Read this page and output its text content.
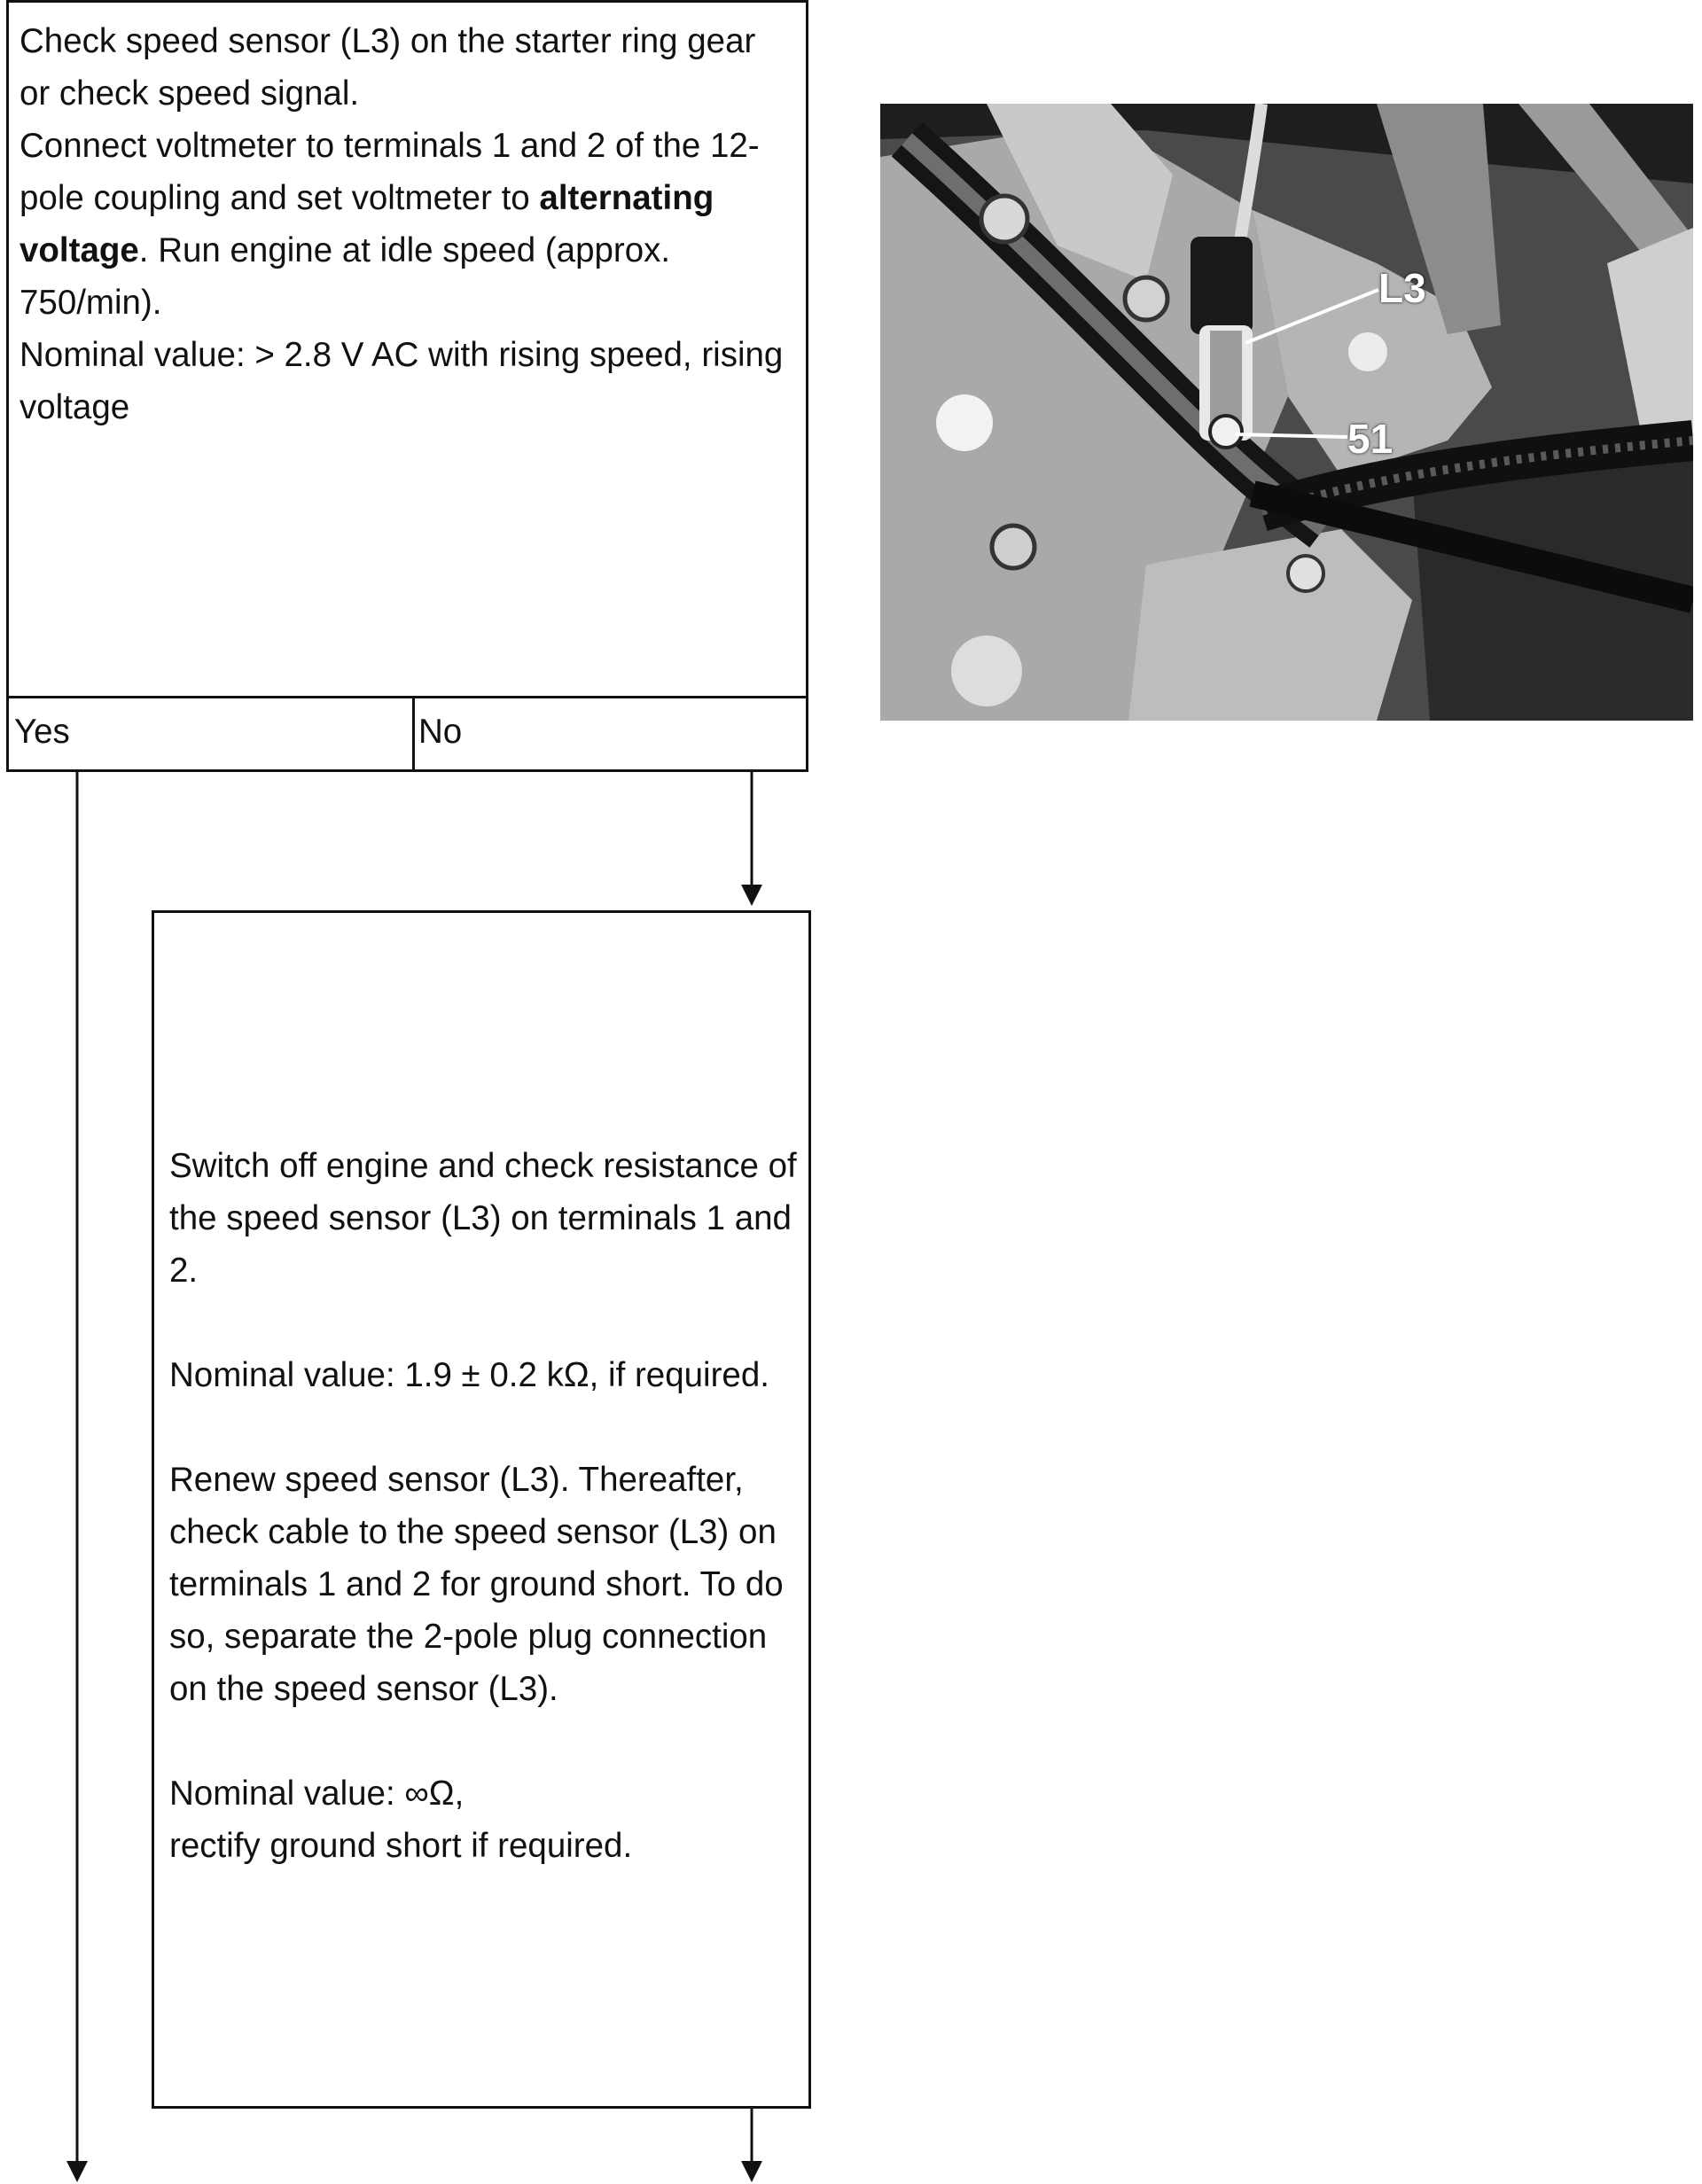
Check speed sensor (L3) on the starter ring gear or check speed signal.
Connect voltmeter to terminals 1 and 2 of the 12-pole coupling and set voltmeter to alternating voltage. Run engine at idle speed (approx. 750/min).
Nominal value: > 2.8 V AC with rising speed, rising voltage
Yes	No
Switch off engine and check resistance of the speed sensor (L3) on terminals 1 and 2.
Nominal value: 1.9 ± 0.2 kΩ, if required.
Renew speed sensor (L3). Thereafter, check cable to the speed sensor (L3) on terminals 1 and 2 for ground short. To do so, separate the 2-pole plug connection on the speed sensor (L3).
Nominal value: ∞Ω,
rectify ground short if required.
L3
51
